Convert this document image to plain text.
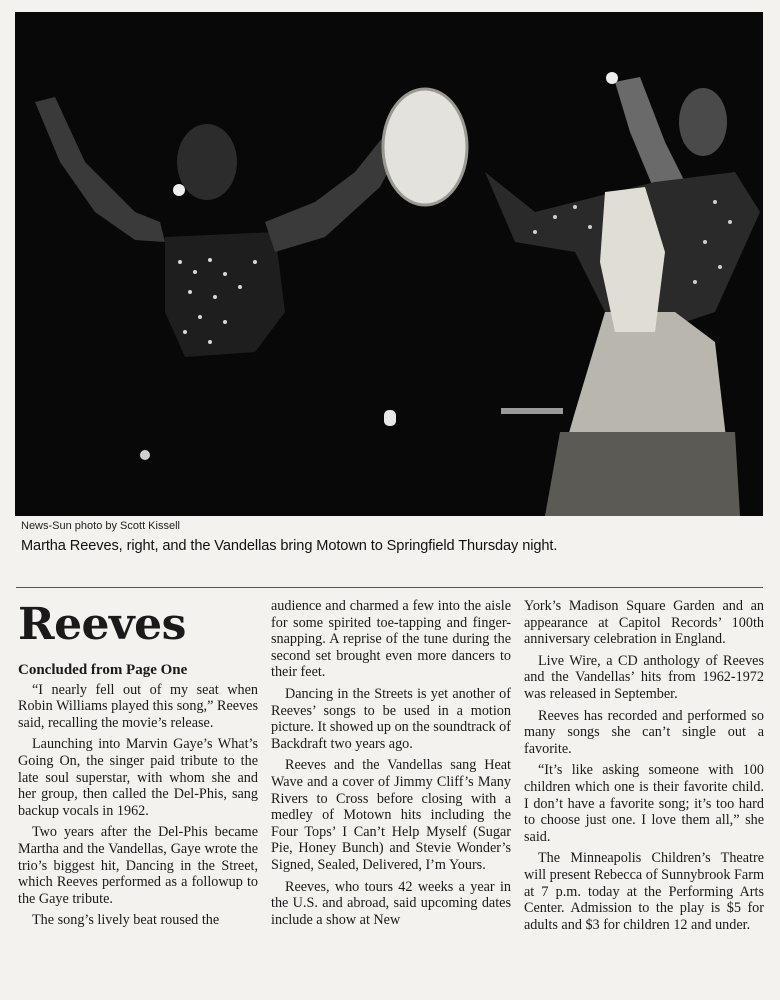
News-Sun photo by Scott Kissell
Martha Reeves, right, and the Vandellas bring Motown to Springfield Thursday night.
Reeves
Concluded from Page One

“I nearly fell out of my seat when Robin Williams played this song,” Reeves said, recalling the movie’s release.

Launching into Marvin Gaye’s What’s Going On, the singer paid tribute to the late soul superstar, with whom she and her group, then called the Del-Phis, sang backup vocals in 1962.

Two years after the Del-Phis became Martha and the Vandellas, Gaye wrote the trio’s biggest hit, Dancing in the Street, which Reeves performed as a followup to the Gaye tribute.

The song’s lively beat roused the

audience and charmed a few into the aisle for some spirited toe-tapping and finger-snapping. A reprise of the tune during the second set brought even more dancers to their feet.

Dancing in the Streets is yet another of Reeves’ songs to be used in a motion picture. It showed up on the soundtrack of Backdraft two years ago.

Reeves and the Vandellas sang Heat Wave and a cover of Jimmy Cliff’s Many Rivers to Cross before closing with a medley of Motown hits including the Four Tops’ I Can’t Help Myself (Sugar Pie, Honey Bunch) and Stevie Wonder’s Signed, Sealed, Delivered, I’m Yours.

Reeves, who tours 42 weeks a year in the U.S. and abroad, said upcoming dates include a show at New

York’s Madison Square Garden and an appearance at Capitol Records’ 100th anniversary celebration in England.

Live Wire, a CD anthology of Reeves and the Vandellas’ hits from 1962-1972 was released in September.

Reeves has recorded and performed so many songs she can’t single out a favorite.

“It’s like asking someone with 100 children which one is their favorite child. I don’t have a favorite song; it’s too hard to choose just one. I love them all,” she said.

The Minneapolis Children’s Theatre will present Rebecca of Sunnybrook Farm at 7 p.m. today at the Performing Arts Center. Admission to the play is $5 for adults and $3 for children 12 and under.
